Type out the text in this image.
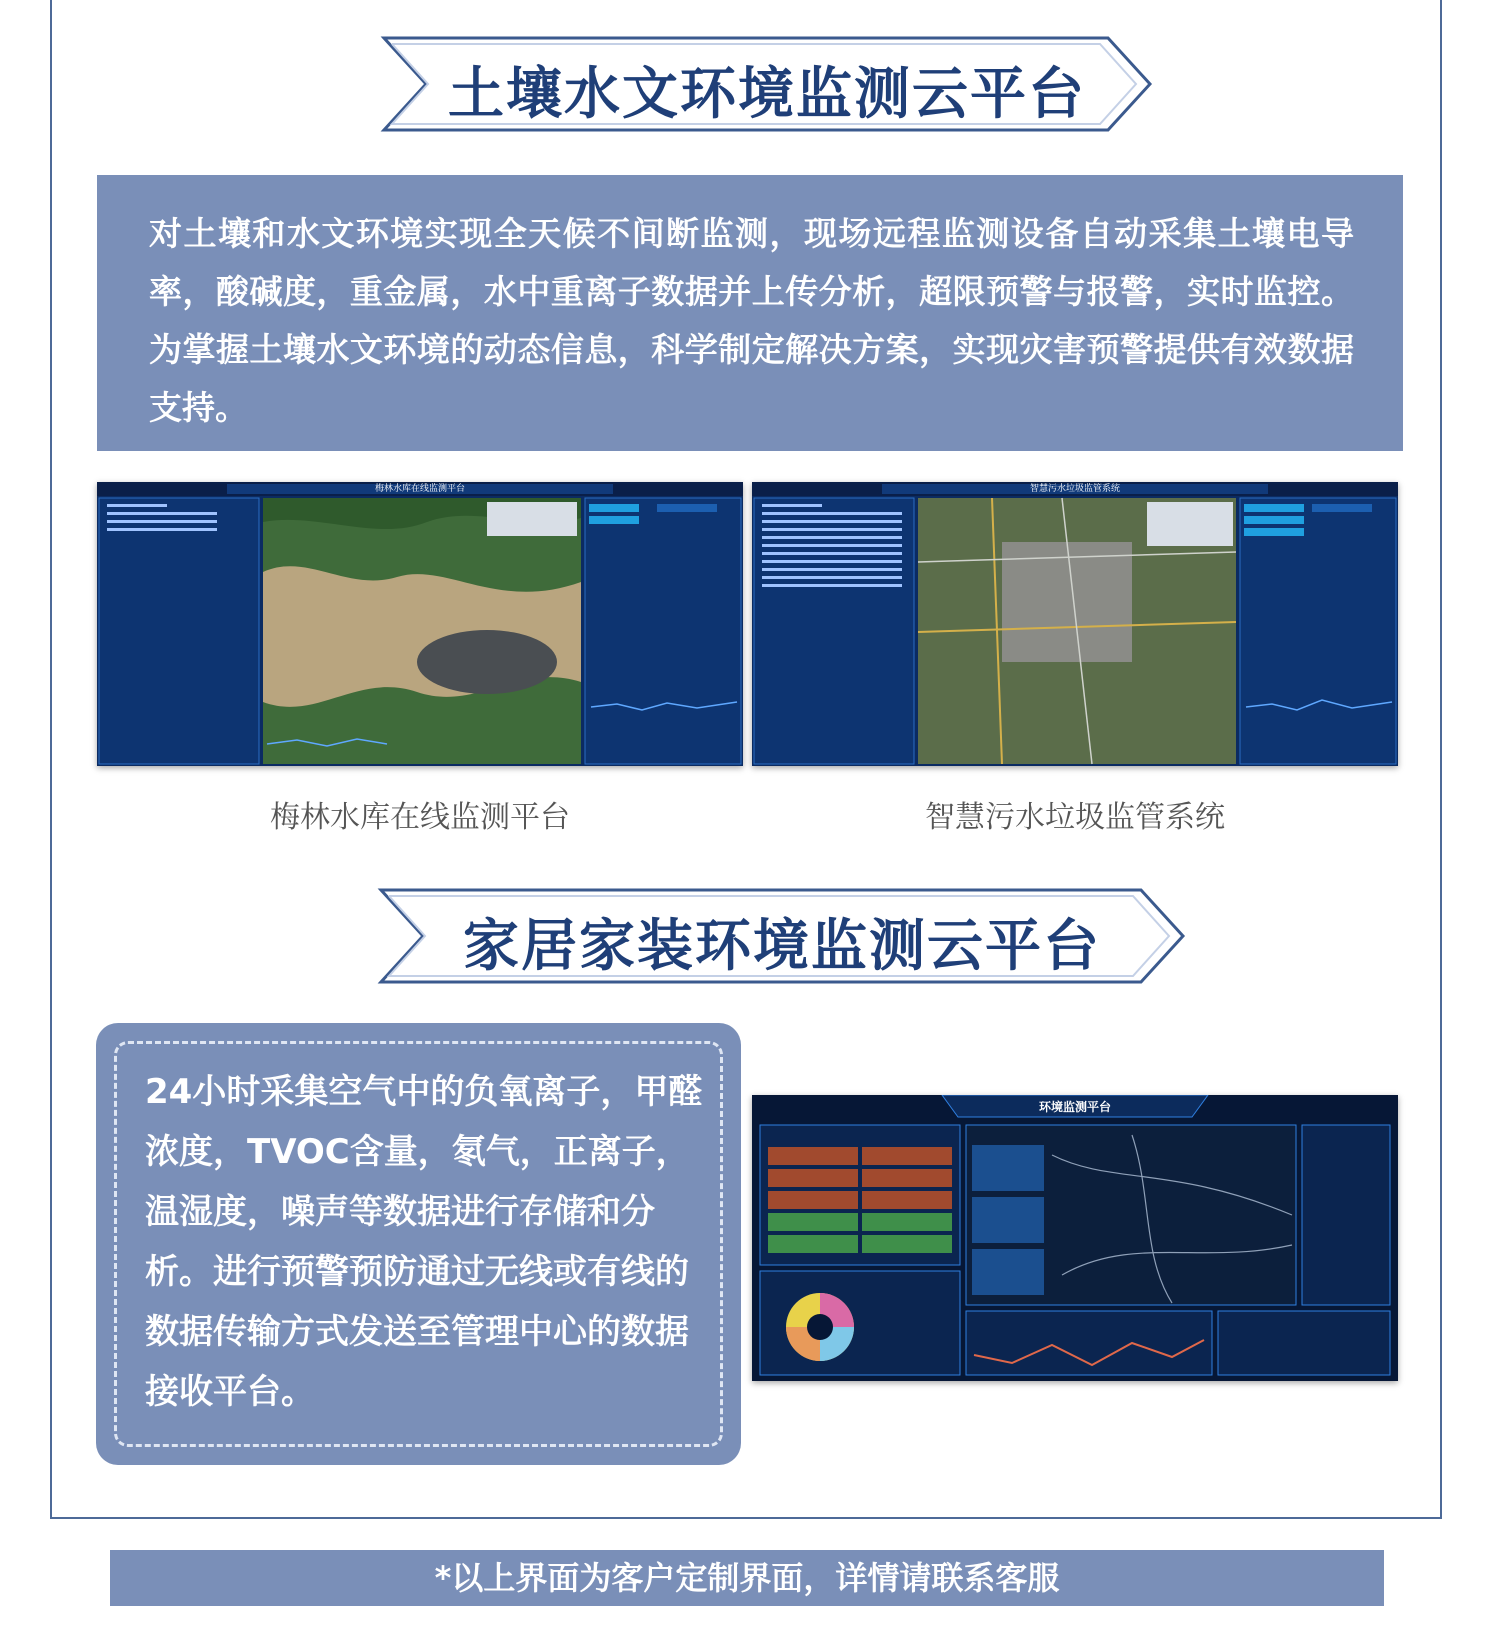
土壤水文环境监测云平台
对土壤和水文环境实现全天候不间断监测，现场远程监测设备自动采集土壤电导率，酸碱度，重金属，水中重离子数据并上传分析，超限预警与报警，实时监控。为掌握土壤水文环境的动态信息，科学制定解决方案，实现灾害预警提供有效数据支持。
梅林水库在线监测平台
梅林水库在线监测平台
智慧污水垃圾监管系统
智慧污水垃圾监管系统
家居家装环境监测云平台
24小时采集空气中的负氧离子，甲醛浓度，TVOC含量，氡气，正离子，温湿度，噪声等数据进行存储和分析。进行预警预防通过无线或有线的数据传输方式发送至管理中心的数据接收平台。
环境监测平台
*以上界面为客户定制界面，详情请联系客服
